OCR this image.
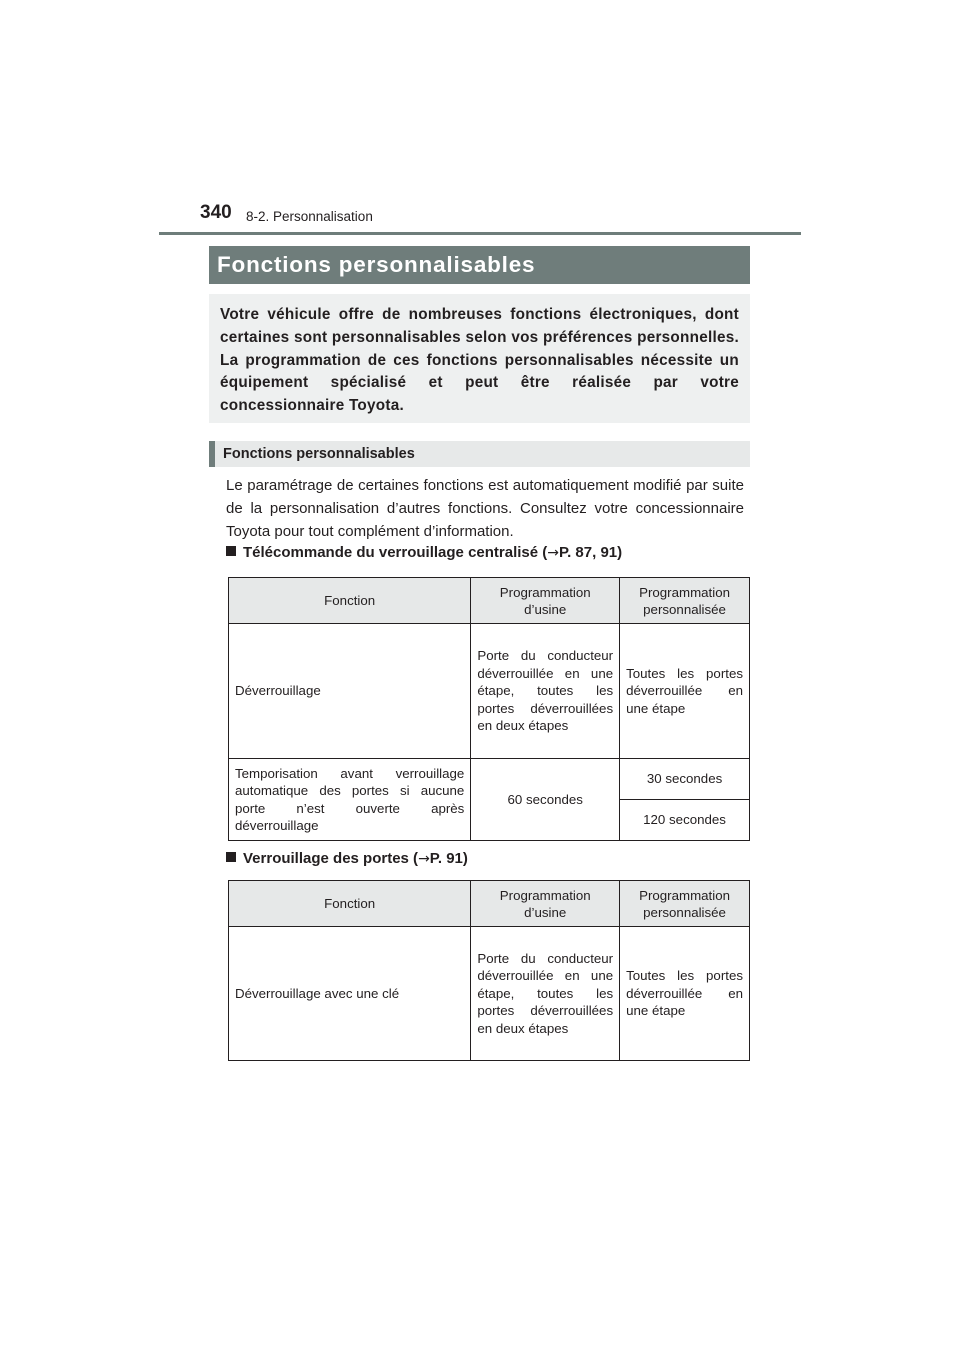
340 8-2. Personnalisation
Fonctions personnalisables
Votre véhicule offre de nombreuses fonctions électroniques, dont certaines sont personnalisables selon vos préférences personnelles. La programmation de ces fonctions personnalisables nécessite un équipement spécialisé et peut être réalisée par votre concessionnaire Toyota.
Fonctions personnalisables
Le paramétrage de certaines fonctions est automatiquement modifié par suite de la personnalisation d’autres fonctions. Consultez votre concessionnaire Toyota pour tout complément d’information.
Télécommande du verrouillage centralisé (→P. 87, 91)
Fonction	Programmation d’usine	Programmation personnalisée
Déverrouillage	Porte du conducteur déverrouillée en une étape, toutes les portes déverrouillées en deux étapes	Toutes les portes déverrouillée en une étape
Temporisation avant verrouillage automatique des portes si aucune porte n’est ouverte après déverrouillage	60 secondes	30 secondes
		120 secondes
Verrouillage des portes (→P. 91)
Fonction	Programmation d’usine	Programmation personnalisée
Déverrouillage avec une clé	Porte du conducteur déverrouillée en une étape, toutes les portes déverrouillées en deux étapes	Toutes les portes déverrouillée en une étape
